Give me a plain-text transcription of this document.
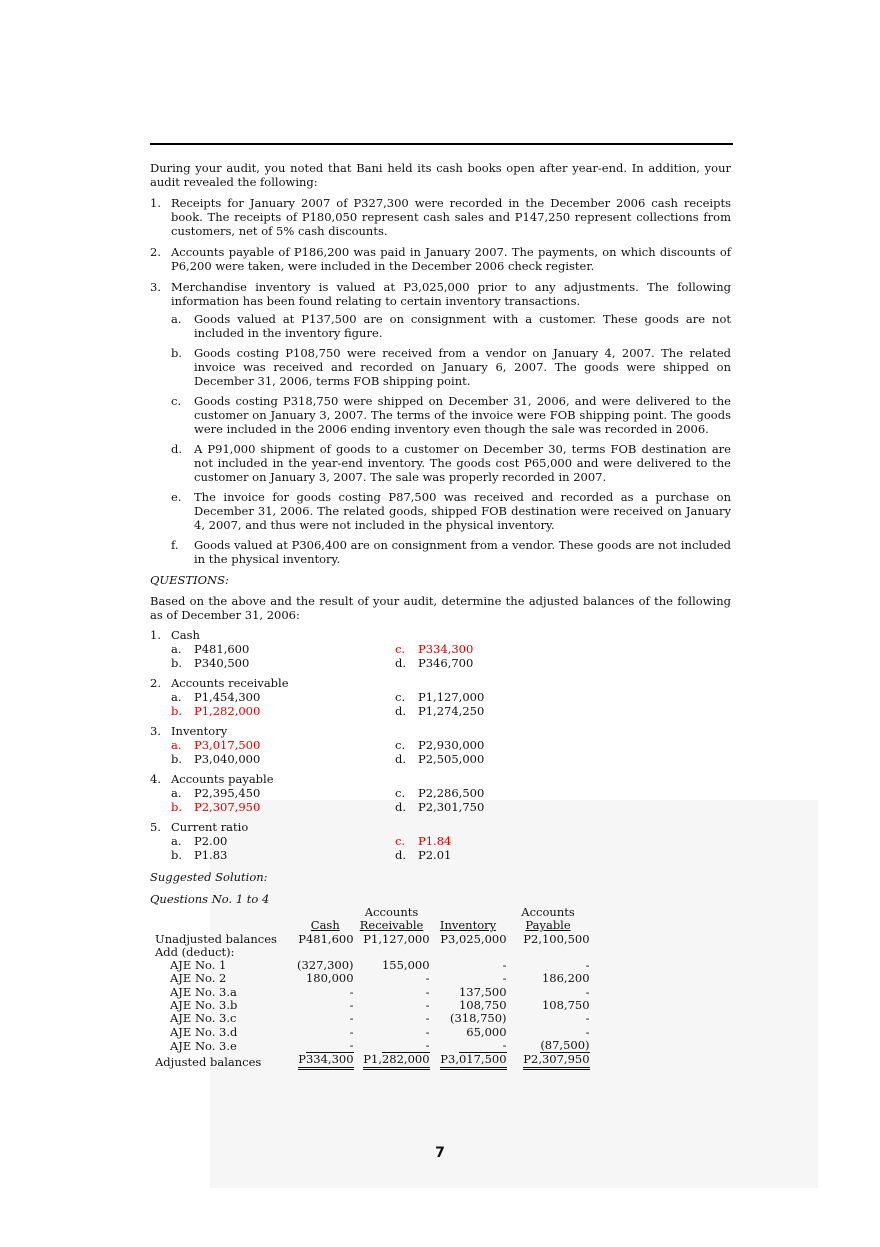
During your audit, you noted that Bani held its cash books open after year-end. In addition, your audit revealed the following:

1. Receipts for January 2007 of P327,300 were recorded in the December 2006 cash receipts book. The receipts of P180,050 represent cash sales and P147,250 represent collections from customers, net of 5% cash discounts.
2. Accounts payable of P186,200 was paid in January 2007. The payments, on which discounts of P6,200 were taken, were included in the December 2006 check register.
3. Merchandise inventory is valued at P3,025,000 prior to any adjustments. The following information has been found relating to certain inventory transactions.
a.	Goods valued at P137,500 are on consignment with a customer. These goods are not included in the inventory figure.
b.	Goods costing P108,750 were received from a vendor on January 4, 2007. The related invoice was received and recorded on January 6, 2007. The goods were shipped on December 31, 2006, terms FOB shipping point.
c.	Goods costing P318,750 were shipped on December 31, 2006, and were delivered to the customer on January 3, 2007. The terms of the invoice were FOB shipping point. The goods were included in the 2006 ending inventory even though the sale was recorded in 2006.
d.	A P91,000 shipment of goods to a customer on December 30, terms FOB destination are not included in the year-end inventory. The goods cost P65,000 and were delivered to the customer on January 3, 2007. The sale was properly recorded in 2007.
e.	The invoice for goods costing P87,500 was received and recorded as a purchase on December 31, 2006. The related goods, shipped FOB destination were received on January 4, 2007, and thus were not included in the physical inventory.
f.	Goods valued at P306,400 are on consignment from a vendor. These goods are not included in the physical inventory.

QUESTIONS:

Based on the above and the result of your audit, determine the adjusted balances of the following as of December 31, 2006:

1. Cash
a.	P481,600	c.	P334,300
b.	P340,500	d.	P346,700
2. Accounts receivable
a.	P1,454,300	c.	P1,127,000
b.	P1,282,000	d.	P1,274,250
3. Inventory
a.	P3,017,500	c.	P2,930,000
b.	P3,040,000	d.	P2,505,000
4. Accounts payable
a.	P2,395,450	c.	P2,286,500
b.	P2,307,950	d.	P2,301,750
5. Current ratio
a.	P2.00	c.	P1.84
b.	P1.83	d.	P2.01

Suggested Solution:

Questions No. 1 to 4

		Accounts		Accounts
	Cash	Receivable	Inventory	Payable
Unadjusted balances	P481,600	P1,127,000	P3,025,000	P2,100,500
Add (deduct):				
AJE No. 1	(327,300)	155,000	-	-
AJE No. 2	180,000	-	-	186,200
AJE No. 3.a	-	-	137,500	-
AJE No. 3.b	-	-	108,750	108,750
AJE No. 3.c	-	-	(318,750)	-
AJE No. 3.d	-	-	65,000	-
AJE No. 3.e	-	-	-	(87,500)
Adjusted balances	P334,300	P1,282,000	P3,017,500	P2,307,950
7
